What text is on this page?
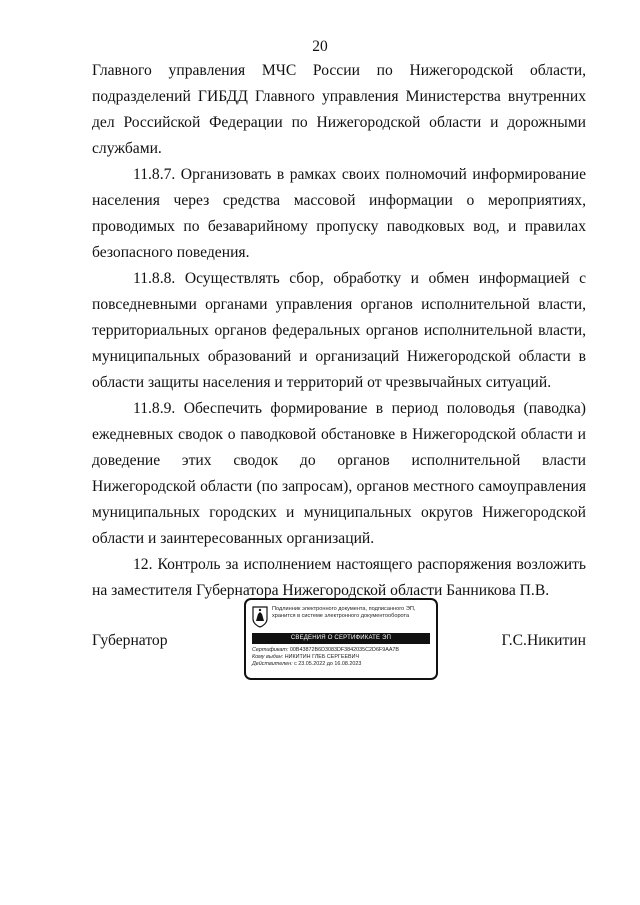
20

Главного управления МЧС России по Нижегородской области, подразделений ГИБДД Главного управления Министерства внутренних дел Российской Федерации по Нижегородской области и дорожными службами.

11.8.7. Организовать в рамках своих полномочий информирование населения через средства массовой информации о мероприятиях, проводимых по безаварийному пропуску паводковых вод, и правилах безопасного поведения.

11.8.8. Осуществлять сбор, обработку и обмен информацией с повседневными органами управления органов исполнительной власти, территориальных органов федеральных органов исполнительной власти, муниципальных образований и организаций Нижегородской области в области защиты населения и территорий от чрезвычайных ситуаций.

11.8.9. Обеспечить формирование в период половодья (паводка) ежедневных сводок о паводковой обстановке в Нижегородской области и доведение этих сводок до органов исполнительной власти Нижегородской области (по запросам), органов местного самоуправления муниципальных городских и муниципальных округов Нижегородской области и заинтересованных организаций.

12. Контроль за исполнением настоящего распоряжения возложить на заместителя Губернатора Нижегородской области Банникова П.В.

Губернатор
Подлинник электронного документа, подписанного ЭП,
хранится в системе электронного документооборота
СВЕДЕНИЯ О СЕРТИФИКАТЕ ЭП
Сертификат: 00B43872B6D3083DF3842035C2D6F9AA7B
Кому выдан: НИКИТИН ГЛЕБ СЕРГЕЕВИЧ
Действителен: с 23.05.2022 до 16.08.2023
Г.С.Никитин
